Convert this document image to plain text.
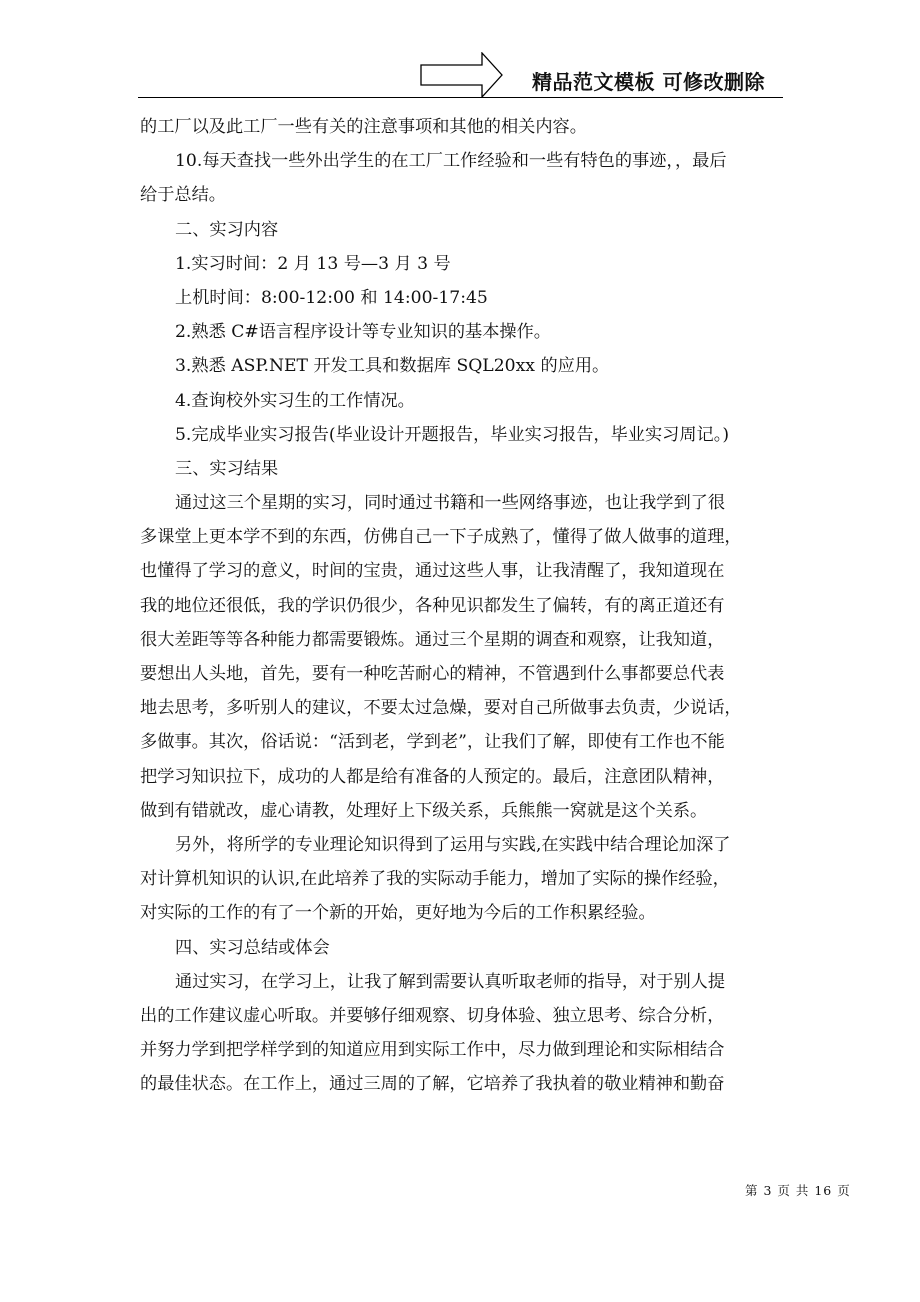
精品范文模板 可修改删除
的工厂以及此工厂一些有关的注意事项和其他的相关内容。
10.每天查找一些外出学生的在工厂工作经验和一些有特色的事迹，，最后
给于总结。
二、实习内容
1.实习时间：2 月 13 号—3 月 3 号
上机时间：8:00-12:00 和 14:00-17:45
2.熟悉 C#语言程序设计等专业知识的基本操作。
3.熟悉 ASP.NET 开发工具和数据库 SQL20xx 的应用。
4.查询校外实习生的工作情况。
5.完成毕业实习报告(毕业设计开题报告，毕业实习报告，毕业实习周记。)
三、实习结果
通过这三个星期的实习，同时通过书籍和一些网络事迹，也让我学到了很
多课堂上更本学不到的东西，仿佛自己一下子成熟了，懂得了做人做事的道理，
也懂得了学习的意义，时间的宝贵，通过这些人事，让我清醒了，我知道现在
我的地位还很低，我的学识仍很少，各种见识都发生了偏转，有的离正道还有
很大差距等等各种能力都需要锻炼。通过三个星期的调查和观察，让我知道，
要想出人头地，首先，要有一种吃苦耐心的精神，不管遇到什么事都要总代表
地去思考，多听别人的建议，不要太过急燥，要对自己所做事去负责，少说话，
多做事。其次，俗话说：“活到老，学到老”，让我们了解，即使有工作也不能
把学习知识拉下，成功的人都是给有准备的人预定的。最后，注意团队精神，
做到有错就改，虚心请教，处理好上下级关系，兵熊熊一窝就是这个关系。
另外，将所学的专业理论知识得到了运用与实践,在实践中结合理论加深了
对计算机知识的认识,在此培养了我的实际动手能力，增加了实际的操作经验，
对实际的工作的有了一个新的开始，更好地为今后的工作积累经验。
四、实习总结或体会
通过实习，在学习上，让我了解到需要认真听取老师的指导，对于别人提
出的工作建议虚心听取。并要够仔细观察、切身体验、独立思考、综合分析，
并努力学到把学样学到的知道应用到实际工作中，尽力做到理论和实际相结合
的最佳状态。在工作上，通过三周的了解，它培养了我执着的敬业精神和勤奋
第 3 页 共 16 页
